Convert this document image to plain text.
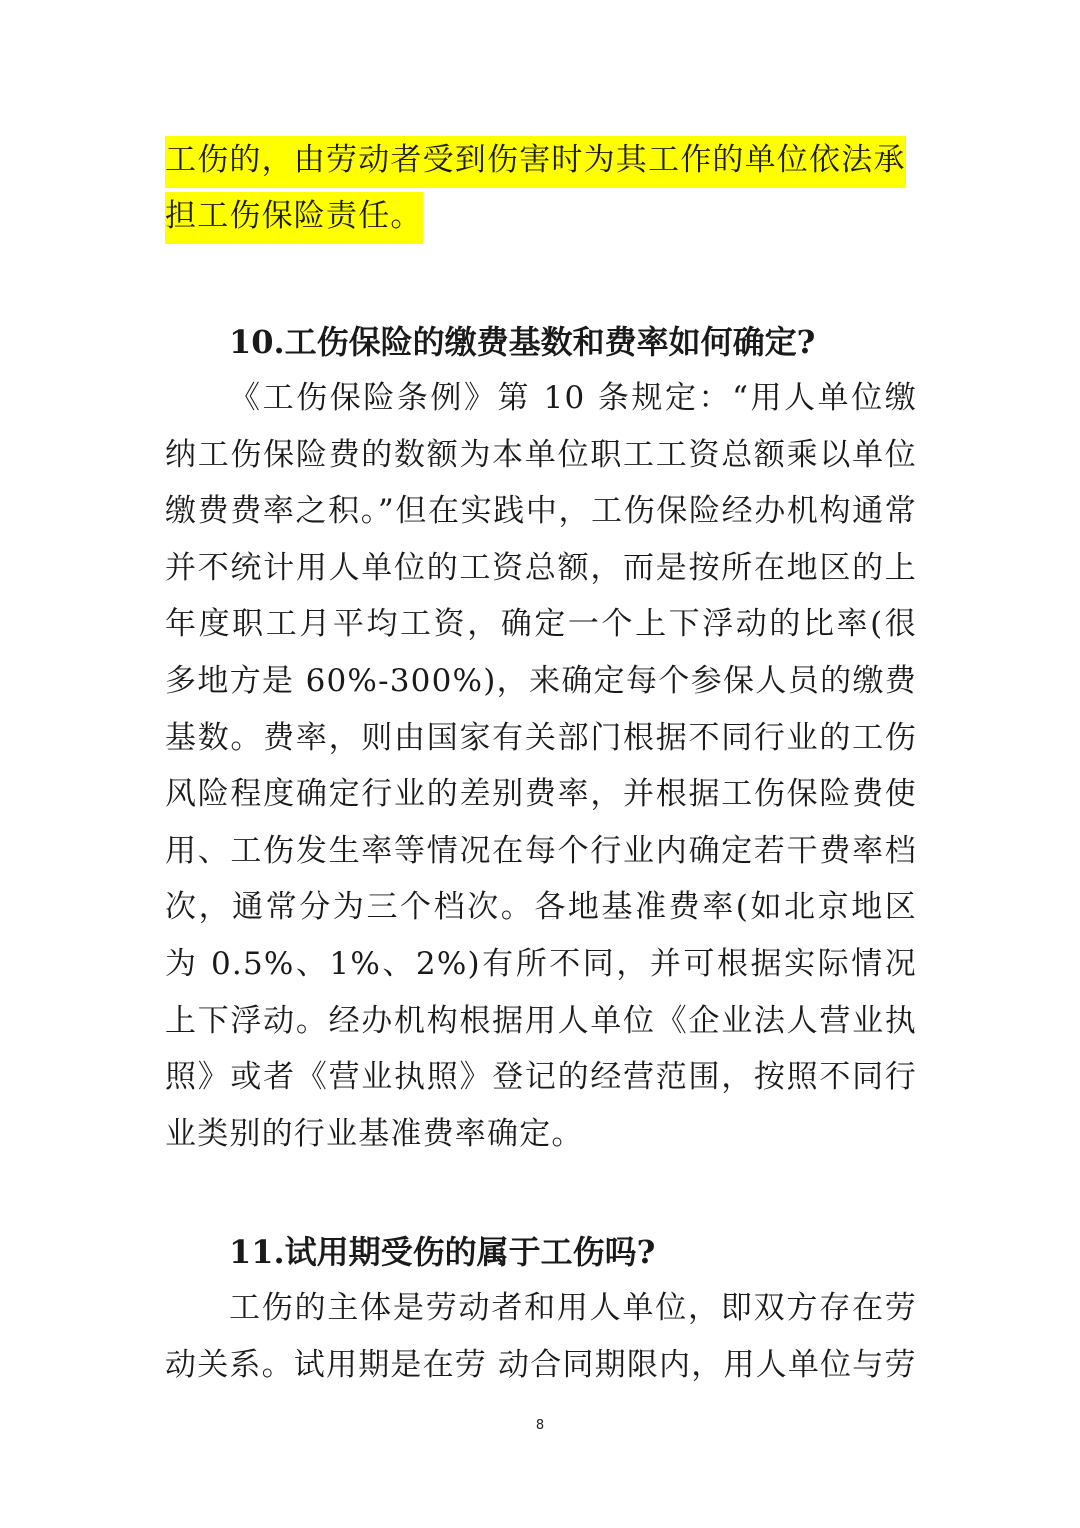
工伤的，由劳动者受到伤害时为其工作的单位依法承担工伤保险责任。

10.工伤保险的缴费基数和费率如何确定?

《工伤保险条例》第 10 条规定：“用人单位缴纳工伤保险费的数额为本单位职工工资总额乘以单位缴费费率之积。”但在实践中，工伤保险经办机构通常并不统计用人单位的工资总额，而是按所在地区的上年度职工月平均工资，确定一个上下浮动的比率(很多地方是 60%-300%)，来确定每个参保人员的缴费基数。费率，则由国家有关部门根据不同行业的工伤风险程度确定行业的差别费率，并根据工伤保险费使用、工伤发生率等情况在每个行业内确定若干费率档次，通常分为三个档次。各地基准费率(如北京地区为 0.5%、1%、2%)有所不同，并可根据实际情况上下浮动。经办机构根据用人单位《企业法人营业执照》或者《营业执照》登记的经营范围，按照不同行业类别的行业基准费率确定。

11.试用期受伤的属于工伤吗?

工伤的主体是劳动者和用人单位，即双方存在劳动关系。试用期是在劳 动合同期限内，用人单位与劳

8
